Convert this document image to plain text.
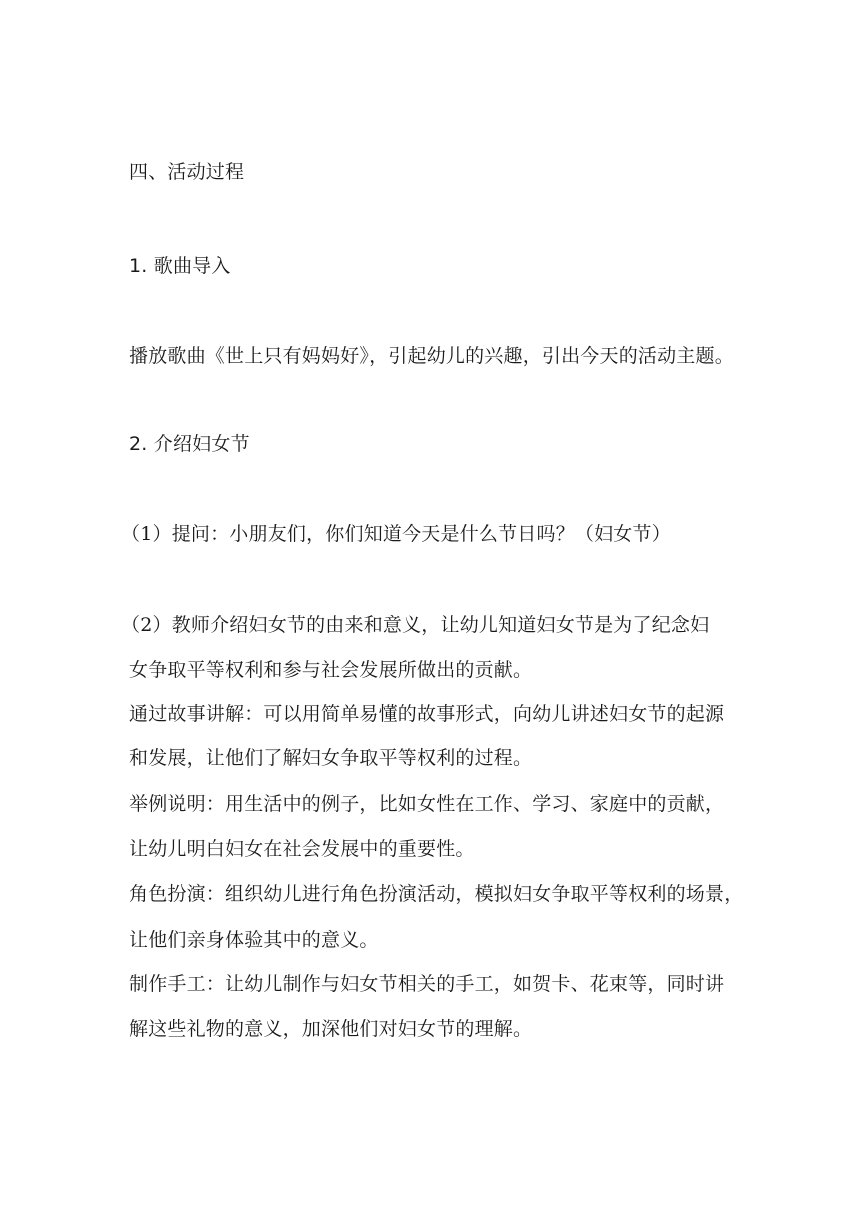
四、活动过程
1. 歌曲导入
播放歌曲《世上只有妈妈好》，引起幼儿的兴趣，引出今天的活动主题。
2. 介绍妇女节
（1）提问：小朋友们，你们知道今天是什么节日吗？（妇女节）
（2）教师介绍妇女节的由来和意义，让幼儿知道妇女节是为了纪念妇
女争取平等权利和参与社会发展所做出的贡献。
通过故事讲解：可以用简单易懂的故事形式，向幼儿讲述妇女节的起源
和发展，让他们了解妇女争取平等权利的过程。
举例说明：用生活中的例子，比如女性在工作、学习、家庭中的贡献，
让幼儿明白妇女在社会发展中的重要性。
角色扮演：组织幼儿进行角色扮演活动，模拟妇女争取平等权利的场景，
让他们亲身体验其中的意义。
制作手工：让幼儿制作与妇女节相关的手工，如贺卡、花束等，同时讲
解这些礼物的意义，加深他们对妇女节的理解。
